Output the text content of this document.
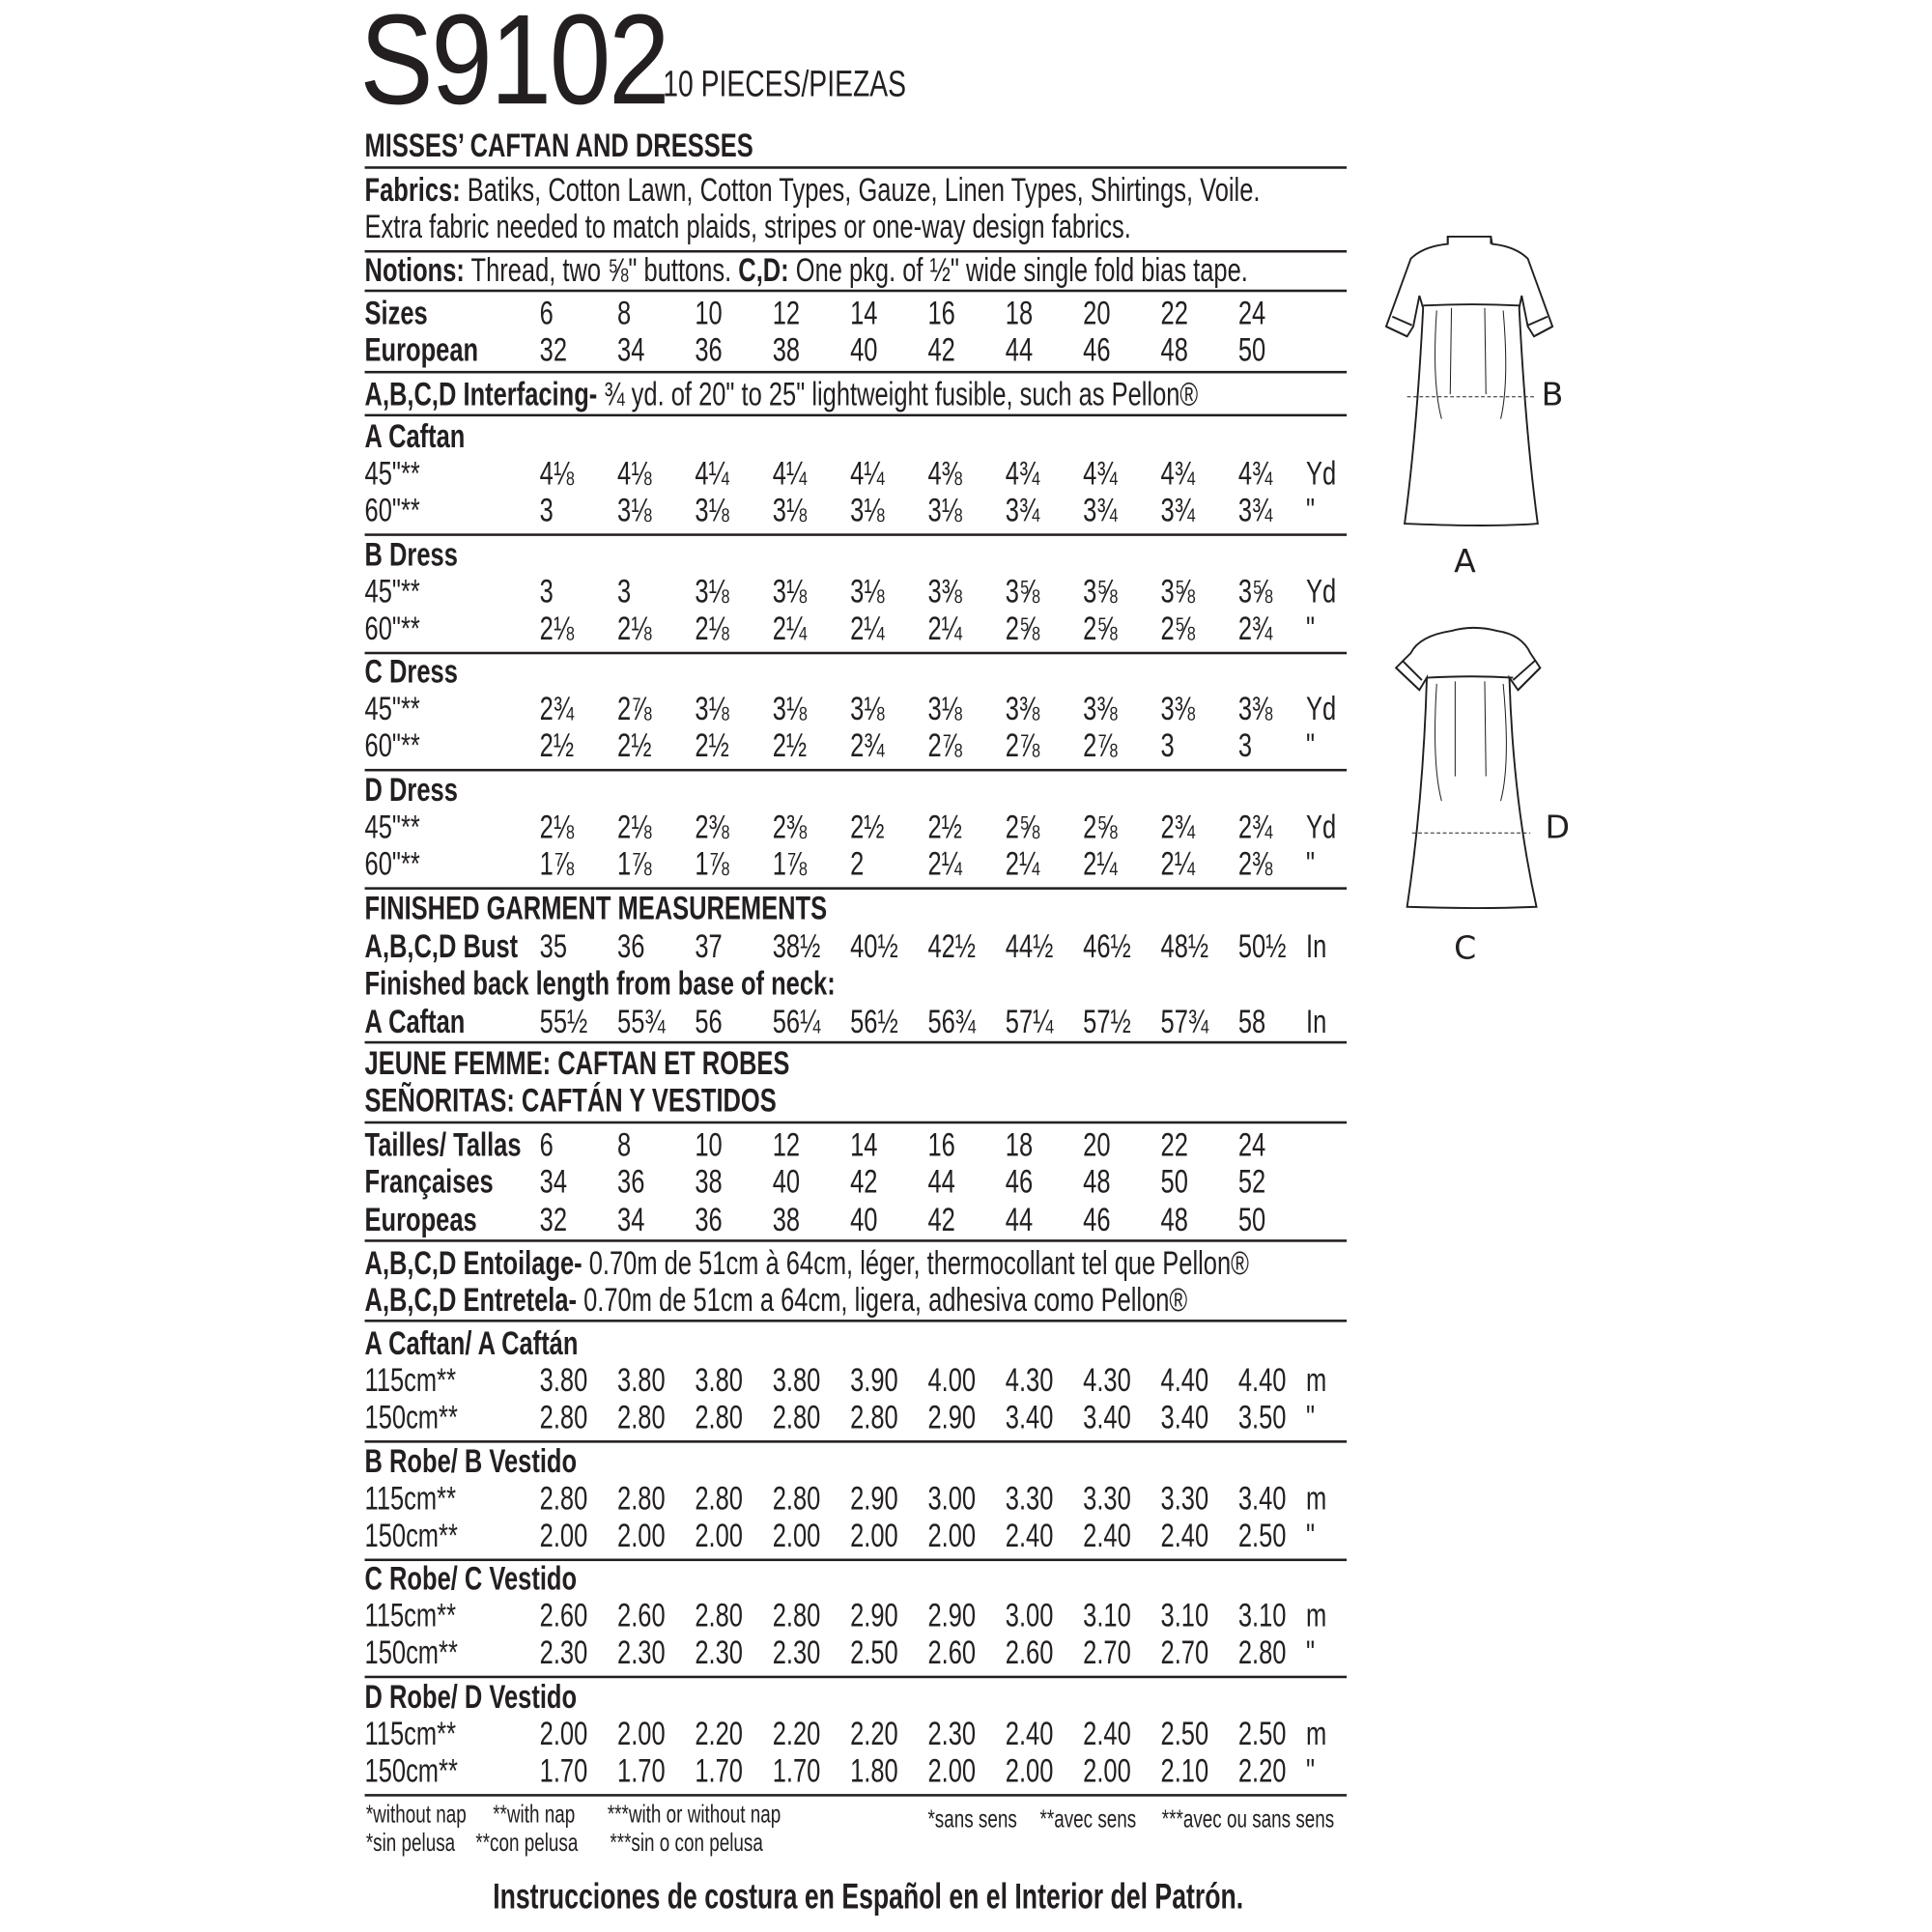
S9102
10 PIECES/PIEZAS
MISSES’ CAFTAN AND DRESSES
Fabrics: Batiks, Cotton Lawn, Cotton Types, Gauze, Linen Types, Shirtings, Voile.
Extra fabric needed to match plaids, stripes or one-way design fabrics.
Notions: Thread, two ⅝" buttons. C,D: One pkg. of ½" wide single fold bias tape.
Sizes	6 8 10 12 14 16 18 20 22 24
European 32 34 36 38 40 42 44 46 48 50
A,B,C,D Interfacing- ¾ yd. of 20" to 25" lightweight fusible, such as Pellon®
A Caftan
45"**	4⅛ 4⅛ 4¼ 4¼ 4¼ 4⅜ 4¾ 4¾ 4¾ 4¾ Yd
60"**	3 3⅛ 3⅛ 3⅛ 3⅛ 3⅛ 3¾ 3¾ 3¾ 3¾ "
B Dress
45"**	3 3 3⅛ 3⅛ 3⅛ 3⅜ 3⅝ 3⅝ 3⅝ 3⅝ Yd
60"**	2⅛ 2⅛ 2⅛ 2¼ 2¼ 2¼ 2⅝ 2⅝ 2⅝ 2¾ "
C Dress
45"**	2¾ 2⅞ 3⅛ 3⅛ 3⅛ 3⅛ 3⅜ 3⅜ 3⅜ 3⅜ Yd
60"**	2½ 2½ 2½ 2½ 2¾ 2⅞ 2⅞ 2⅞ 3 3 "
D Dress
45"**	2⅛ 2⅛ 2⅜ 2⅜ 2½ 2½ 2⅝ 2⅝ 2¾ 2¾ Yd
60"**	1⅞ 1⅞ 1⅞ 1⅞ 2 2¼ 2¼ 2¼ 2¼ 2⅜ "
FINISHED GARMENT MEASUREMENTS
A,B,C,D Bust 35 36 37 38½ 40½ 42½ 44½ 46½ 48½ 50½ In
Finished back length from base of neck:
A Caftan	55½ 55¾ 56 56¼ 56½ 56¾ 57¼ 57½ 57¾ 58 In
JEUNE FEMME: CAFTAN ET ROBES
SEÑORITAS: CAFTÁN Y VESTIDOS
Tailles/ Tallas 6 8 10 12 14 16 18 20 22 24
Françaises 34 36 38 40 42 44 46 48 50 52
Europeas 32 34 36 38 40 42 44 46 48 50
A,B,C,D Entoilage- 0.70m de 51cm à 64cm, léger, thermocollant tel que Pellon®
A,B,C,D Entretela- 0.70m de 51cm a 64cm, ligera, adhesiva como Pellon®
A Caftan/ A Caftán
115cm**	3.80 3.80 3.80 3.80 3.90 4.00 4.30 4.30 4.40 4.40 m
150cm**	2.80 2.80 2.80 2.80 2.80 2.90 3.40 3.40 3.40 3.50 "
B Robe/ B Vestido
115cm**	2.80 2.80 2.80 2.80 2.90 3.00 3.30 3.30 3.30 3.40 m
150cm**	2.00 2.00 2.00 2.00 2.00 2.00 2.40 2.40 2.40 2.50 "
C Robe/ C Vestido
115cm**	2.60 2.60 2.80 2.80 2.90 2.90 3.00 3.10 3.10 3.10 m
150cm**	2.30 2.30 2.30 2.30 2.50 2.60 2.60 2.70 2.70 2.80 "
D Robe/ D Vestido
115cm**	2.00 2.00 2.20 2.20 2.20 2.30 2.40 2.40 2.50 2.50 m
150cm**	1.70 1.70 1.70 1.70 1.80 2.00 2.00 2.00 2.10 2.20 "
*without nap **with nap ***with or without nap
*sin pelusa **con pelusa ***sin o con pelusa
*sans sens **avec sens ***avec ou sans sens
Instrucciones de costura en Español en el Interior del Patrón.
B
A
D
C
